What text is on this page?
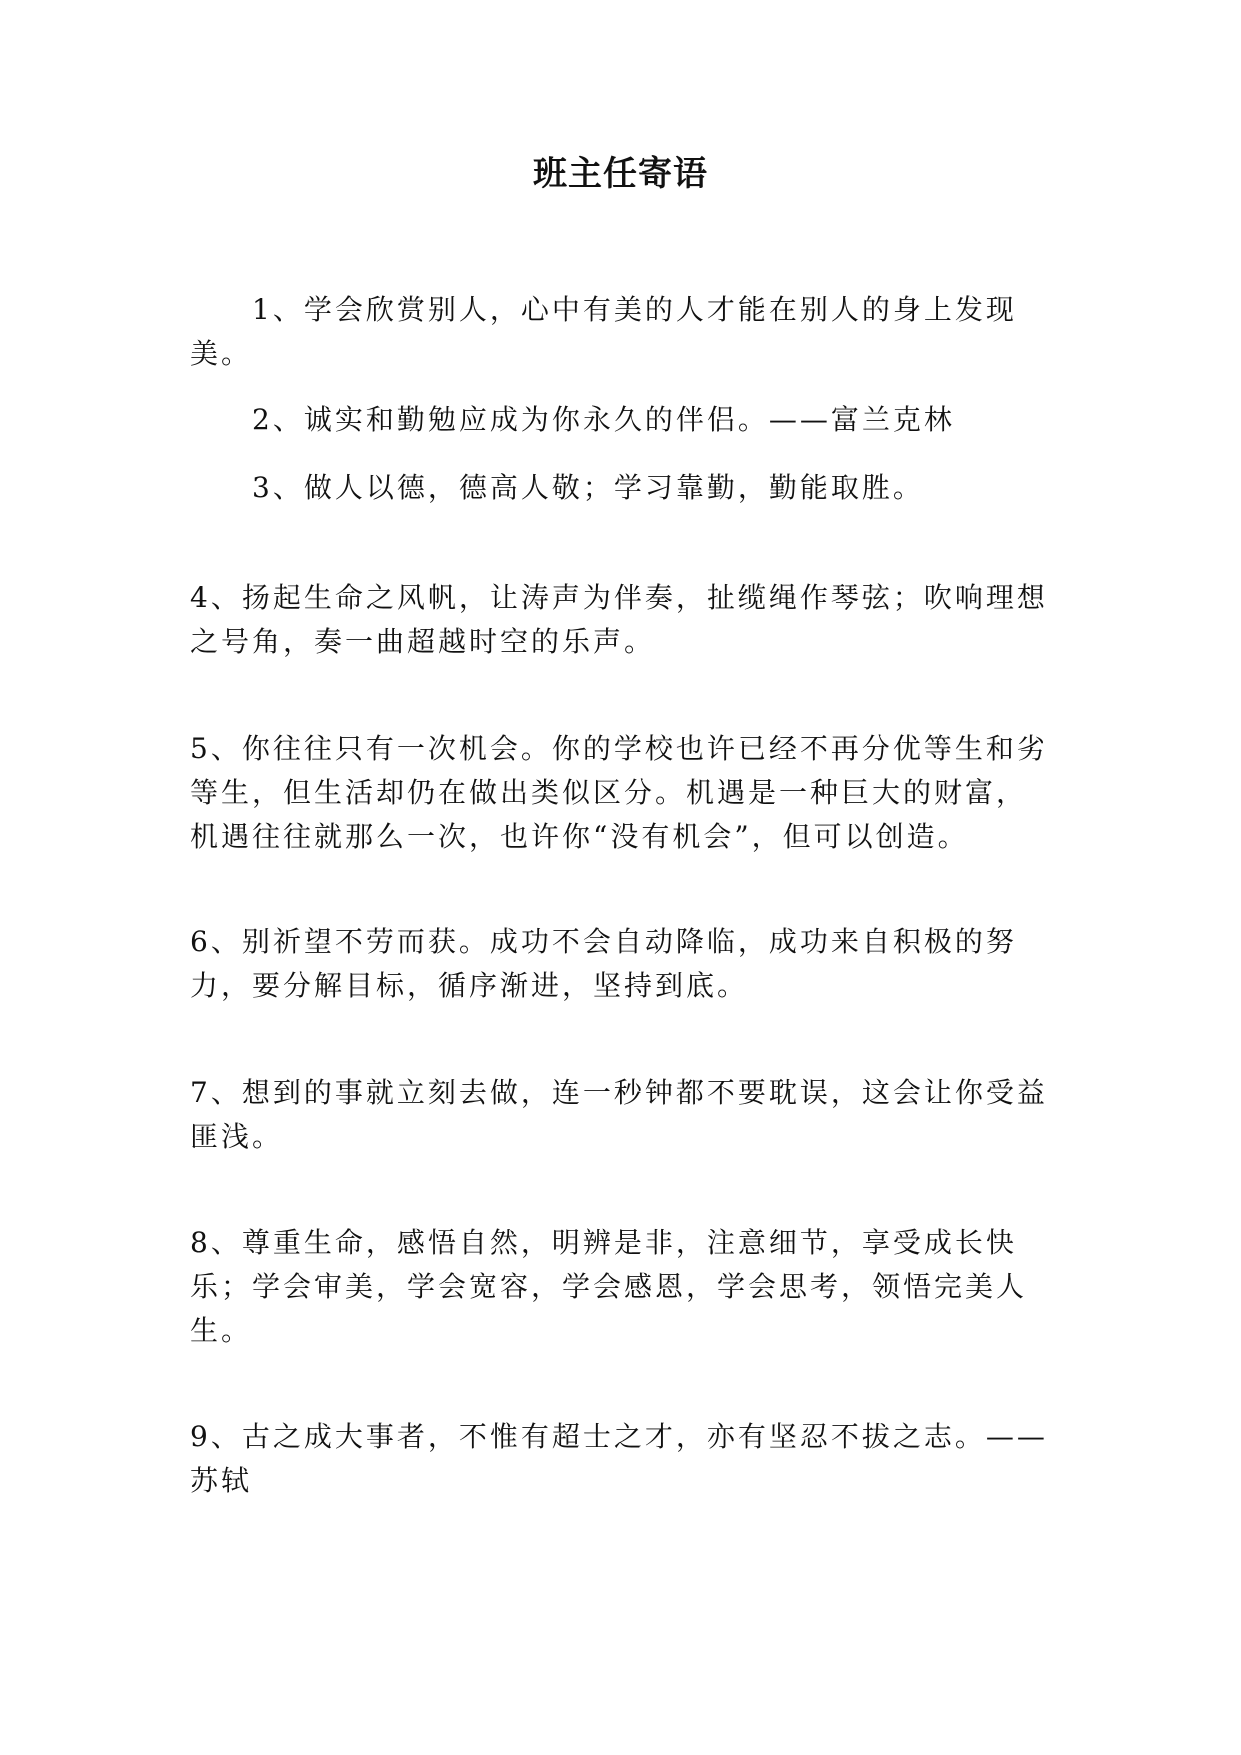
班主任寄语

1、学会欣赏别人，心中有美的人才能在别人的身上发现美。

2、诚实和勤勉应成为你永久的伴侣。——富兰克林

3、做人以德，德高人敬；学习靠勤，勤能取胜。

4、扬起生命之风帆，让涛声为伴奏，扯缆绳作琴弦；吹响理想之号角，奏一曲超越时空的乐声。

5、你往往只有一次机会。你的学校也许已经不再分优等生和劣等生，但生活却仍在做出类似区分。机遇是一种巨大的财富，机遇往往就那么一次，也许你“没有机会”，但可以创造。

6、别祈望不劳而获。成功不会自动降临，成功来自积极的努力，要分解目标，循序渐进，坚持到底。

7、想到的事就立刻去做，连一秒钟都不要耽误，这会让你受益匪浅。

8、尊重生命，感悟自然，明辨是非，注意细节，享受成长快乐；学会审美，学会宽容，学会感恩，学会思考，领悟完美人生。

9、古之成大事者，不惟有超士之才，亦有坚忍不拔之志。——苏轼
